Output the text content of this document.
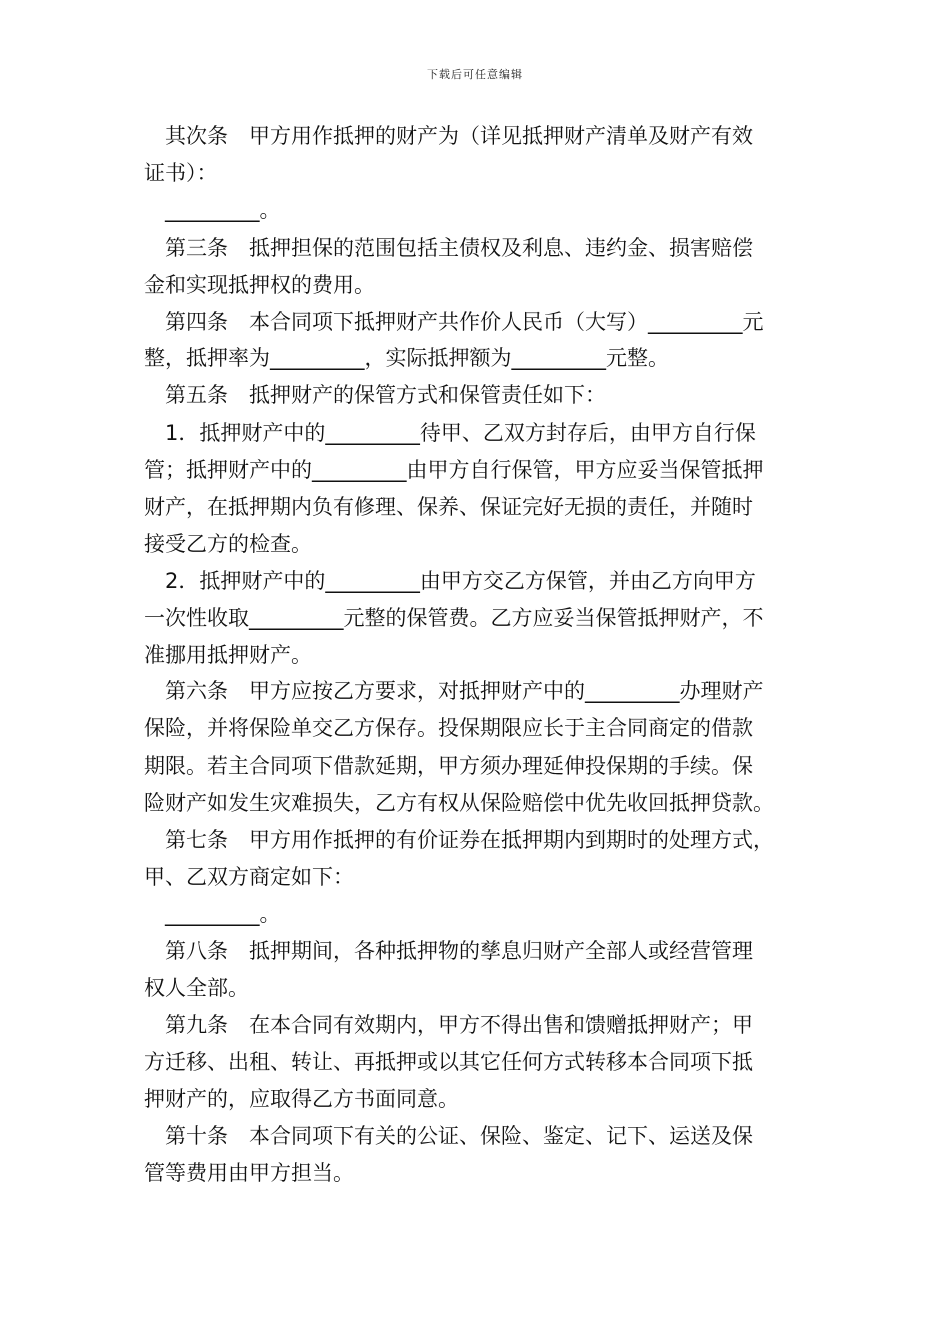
下载后可任意编辑
　其次条　甲方用作抵押的财产为（详见抵押财产清单及财产有效
证书）：
　_________。
　第三条　抵押担保的范围包括主债权及利息、违约金、损害赔偿
金和实现抵押权的费用。
　第四条　本合同项下抵押财产共作价人民币（大写）_________元
整，抵押率为_________，实际抵押额为_________元整。
　第五条　抵押财产的保管方式和保管责任如下：
　1．抵押财产中的_________待甲、乙双方封存后，由甲方自行保
管；抵押财产中的_________由甲方自行保管，甲方应妥当保管抵押
财产，在抵押期内负有修理、保养、保证完好无损的责任，并随时
接受乙方的检查。
　2．抵押财产中的_________由甲方交乙方保管，并由乙方向甲方
一次性收取_________元整的保管费。乙方应妥当保管抵押财产，不
准挪用抵押财产。
　第六条　甲方应按乙方要求，对抵押财产中的_________办理财产
保险，并将保险单交乙方保存。投保期限应长于主合同商定的借款
期限。若主合同项下借款延期，甲方须办理延伸投保期的手续。保
险财产如发生灾难损失，乙方有权从保险赔偿中优先收回抵押贷款。
　第七条　甲方用作抵押的有价证券在抵押期内到期时的处理方式，
甲、乙双方商定如下：
　_________。
　第八条　抵押期间，各种抵押物的孳息归财产全部人或经营管理
权人全部。
　第九条　在本合同有效期内，甲方不得出售和馈赠抵押财产；甲
方迁移、出租、转让、再抵押或以其它任何方式转移本合同项下抵
押财产的，应取得乙方书面同意。
　第十条　本合同项下有关的公证、保险、鉴定、记下、运送及保
管等费用由甲方担当。
